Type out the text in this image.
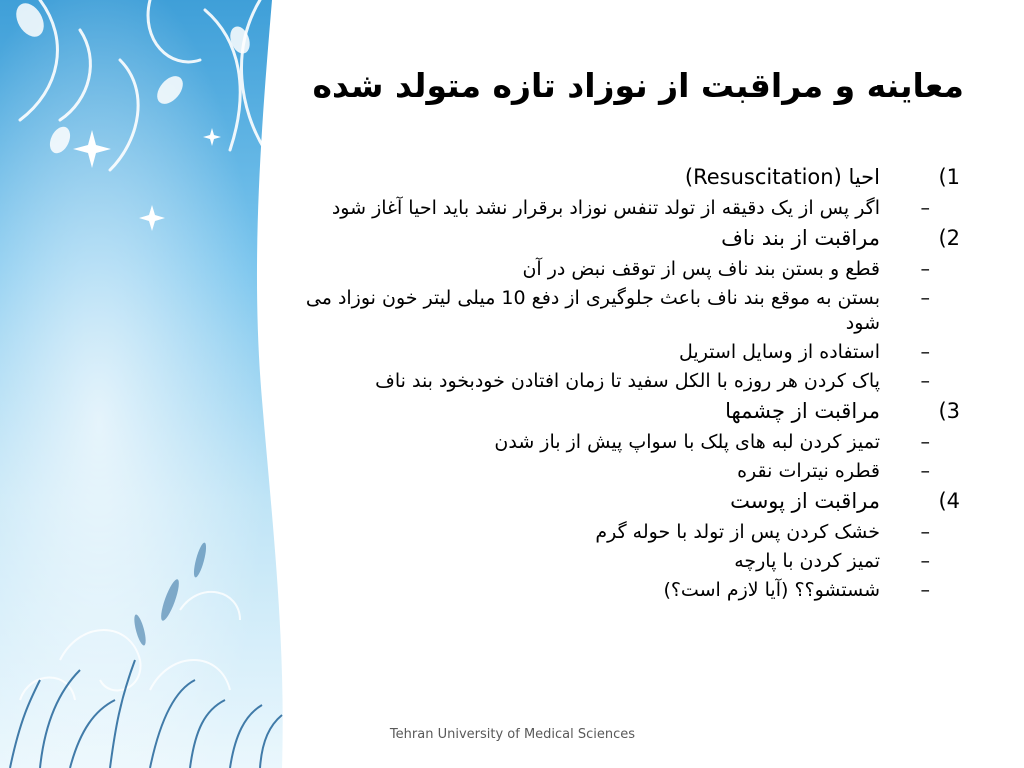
معاینه و مراقبت از نوزاد تازه متولد شده
(1
احیا (Resuscitation)
–
اگر پس از یک دقیقه از تولد تنفس نوزاد برقرار نشد باید احیا آغاز شود
(2
مراقبت از بند ناف
–
قطع و بستن بند ناف پس از توقف نبض در آن
–
بستن به موقع بند ناف باعث جلوگیری از دفع 10 میلی لیتر خون نوزاد می شود
–
استفاده از وسایل استریل
–
پاک کردن هر روزه با الکل سفید تا زمان افتادن خودبخود بند ناف
(3
مراقبت از چشمها
–
تمیز کردن لبه های پلک با سواپ پیش از باز شدن
–
قطره نیترات نقره
(4
مراقبت از پوست
–
خشک کردن پس از تولد با حوله گرم
–
تمیز کردن با پارچه
–
شستشو؟؟ (آیا لازم است؟)
Tehran University of Medical Sciences
